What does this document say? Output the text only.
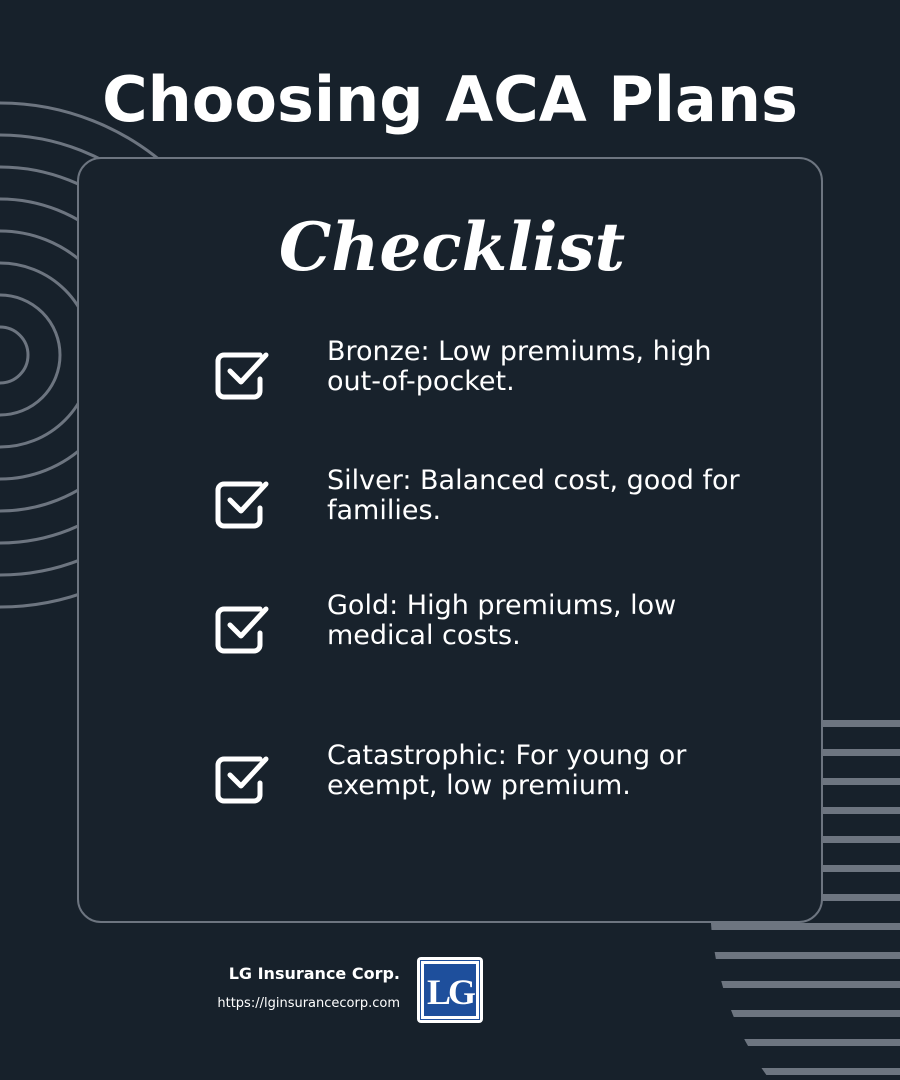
Choosing ACA Plans
Checklist
Bronze: Low premiums, high out-of-pocket.
Silver: Balanced cost, good for families.
Gold: High premiums, low medical costs.
Catastrophic: For young or exempt, low premium.
LG Insurance Corp.
https://lginsurancecorp.com LG
